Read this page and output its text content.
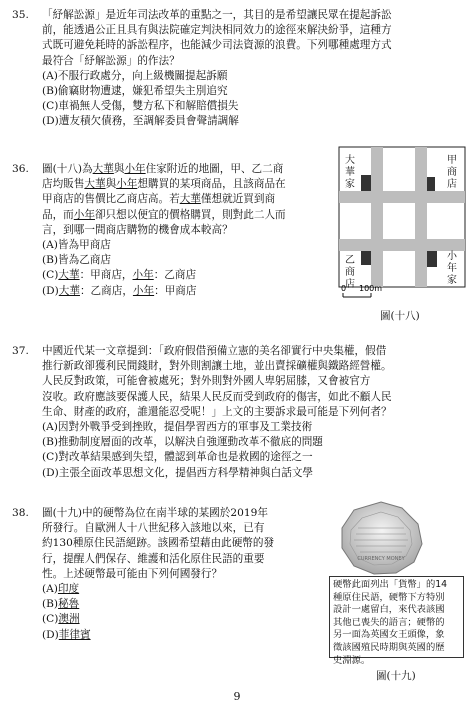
35.	「紓解訟源」是近年司法改革的重點之一，其目的是希望讓民眾在提起訴訟
前，能透過公正且具有與法院確定判決相同效力的途徑來解決紛爭，這種方
式既可避免耗時的訴訟程序，也能減少司法資源的浪費。下列哪種處理方式
最符合「紓解訟源」的作法？
(A)不服行政處分，向上級機關提起訴願
(B)偷竊財物遭逮，嫌犯希望失主別追究
(C)車禍無人受傷，雙方私下和解賠償損失
(D)遭友積欠債務，至調解委員會聲請調解
36.	圖(十八)為大華與小年住家附近的地圖，甲、乙二商
店均販售大華與小年想購買的某項商品，且該商品在
甲商店的售價比乙商店高。若大華僅想就近買到商
品，而小年卻只想以便宜的價格購買，則對此二人而
言，到哪一間商店購物的機會成本較高？
(A)皆為甲商店
(B)皆為乙商店
(C)大華：甲商店，小年：乙商店
(D)大華：乙商店，小年：甲商店
大
華
家
甲
商
店
乙
商
店
小
年
家
0 100m
圖(十八)
37.	中國近代某一文章提到：「政府假借預備立憲的美名卻實行中央集權，假借
推行新政卻獲利民間錢財，對外則割讓土地，並出賣採礦權與鐵路經營權。
人民反對政策，可能會被處死；對外則對外國人卑躬屈膝，又會被官方
沒收。政府應該要保護人民，結果人民反而受到政府的傷害，如此不顧人民
生命、財產的政府，誰還能忍受呢！」上文的主要訴求最可能是下列何者？
(A)因對外戰爭受到挫敗，提倡學習西方的軍事及工業技術
(B)推動制度層面的改革，以解決自強運動改革不徹底的問題
(C)對改革結果感到失望，體認到革命也是救國的途徑之一
(D)主張全面改革思想文化，提倡西方科學精神與白話文學
38.	圖(十九)中的硬幣為位在南半球的某國於2019年
所發行。自歐洲人十八世紀移入該地以來，已有
約130種原住民語絕跡。該國希望藉由此硬幣的發
行，提醒人們保存、維護和活化原住民語的重要
性。上述硬幣最可能由下列何國發行？
(A)印度
(B)秘魯
(C)澳洲
(D)菲律賓
CURRENCY MONEY
硬幣此面列出「貨幣」的14
種原住民語，硬幣下方特別
設計一處留白，來代表該國
其他已喪失的語言；硬幣的
另一面為英國女王頭像，象
徵該國殖民時期與英國的歷
史淵源。
圖(十九)
9
